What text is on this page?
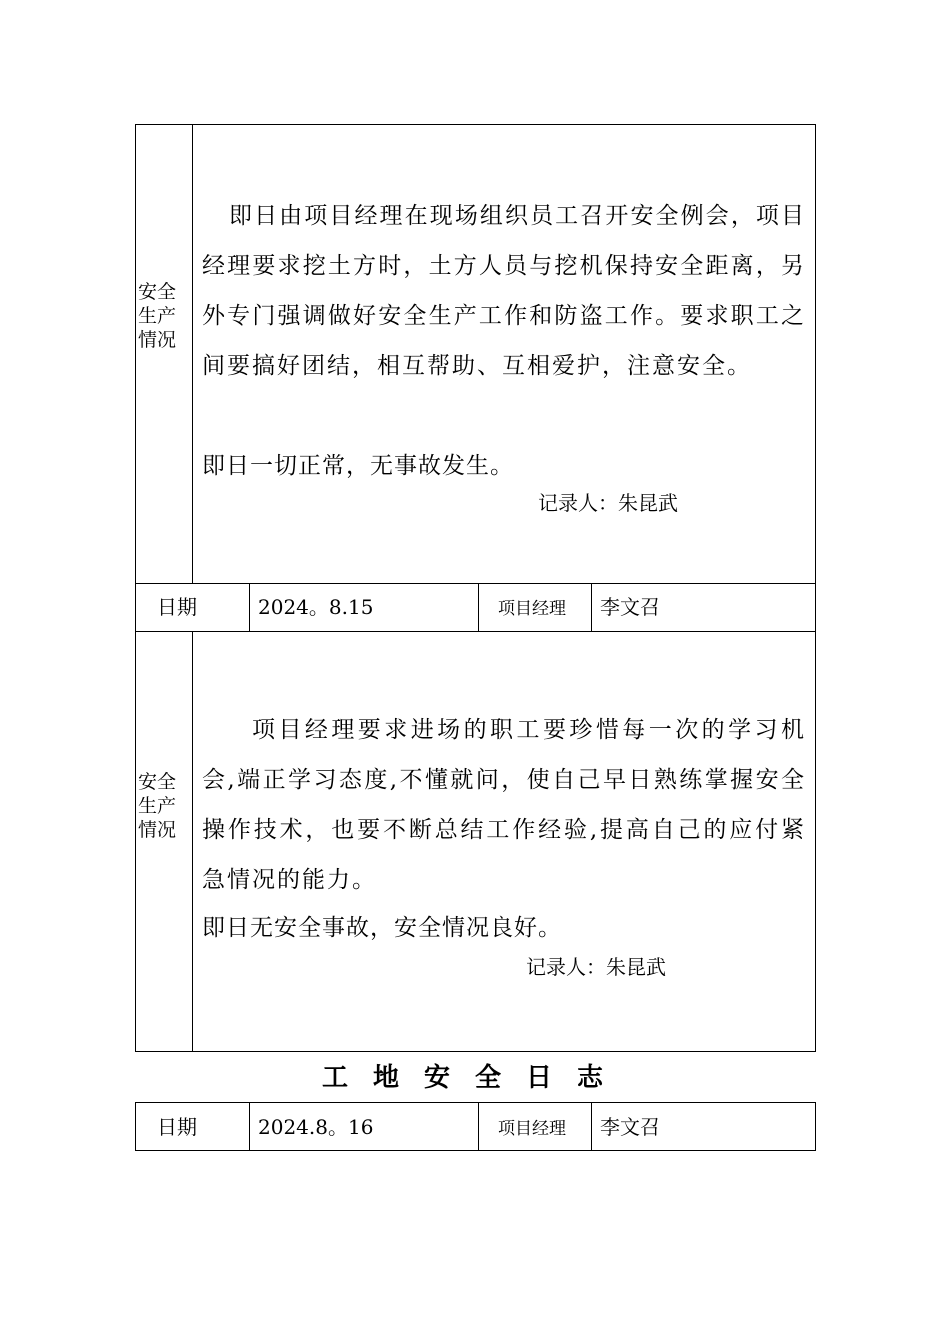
安全生产情况

即日由项目经理在现场组织员工召开安全例会，项目经理要求挖土方时，土方人员与挖机保持安全距离，另外专门强调做好安全生产工作和防盗工作。要求职工之间要搞好团结，相互帮助、互相爱护，注意安全。

即日一切正常，无事故发生。
记录人：朱昆武
日期	2024。8.15	项目经理 李文召
安全生产情况

项目经理要求进场的职工要珍惜每一次的学习机会,端正学习态度,不懂就问，使自己早日熟练掌握安全操作技术，也要不断总结工作经验,提高自己的应付紧急情况的能力。

即日无安全事故，安全情况良好。
记录人：朱昆武
工地安全日志
日期	2024.8。16	项目经理 李文召
